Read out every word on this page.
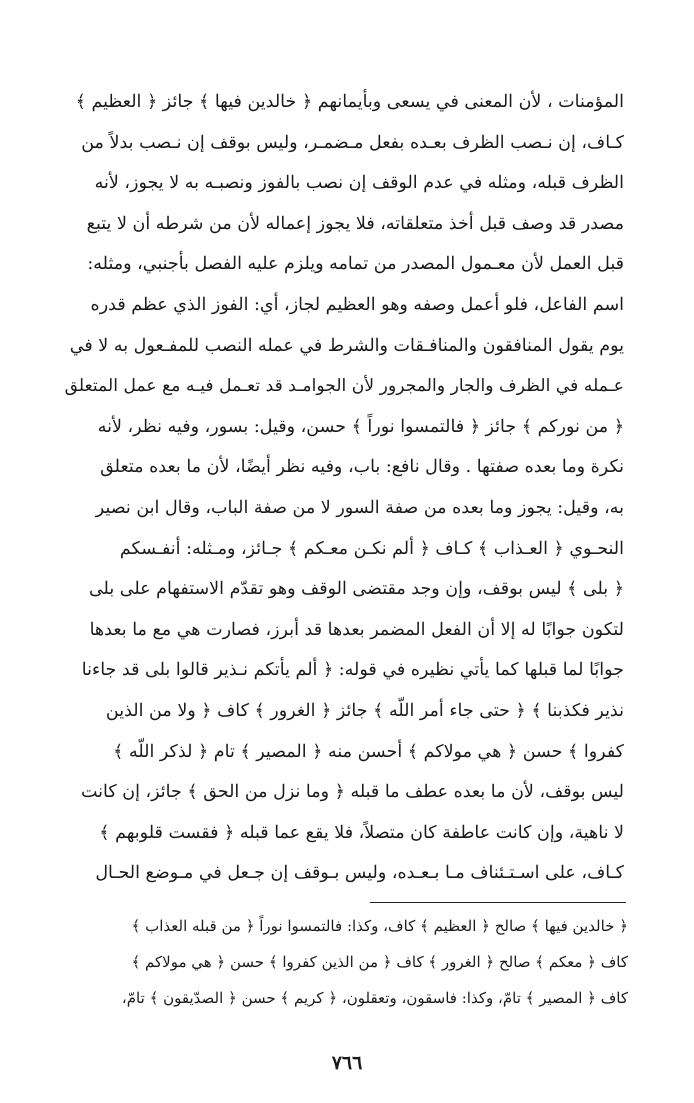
المؤمنات ، لأن المعنى في يسعى وبأيمانهم ﴿ خالدين فيها ﴾ جائز ﴿ العظيم ﴾
كـاف، إن نـصب الظرف بعـده بفعل مـضمـر، وليس بوقف إن نـصب بدلاً من
الظرف قبله، ومثله في عدم الوقف إن نصب بالفوز ونصبـه به لا يجوز، لأنه
مصدر قد وصف قبل أخذ متعلقاته، فلا يجوز إعماله لأن من شرطه أن لا يتبع
قبل العمل لأن معـمول المصدر من تمامه ويلزم عليه الفصل بأجنبي، ومثله:
اسم الفاعل، فلو أعمل وصفه وهو العظيم لجاز، أي: الفوز الذي عظم قدره
يوم يقول المنافقون والمنافـقات والشرط في عمله النصب للمفـعول به لا في
عـمله في الظرف والجار والمجرور لأن الجوامـد قد تعـمل فيـه مع عمل المتعلق
﴿ من نوركم ﴾ جائز ﴿ فالتمسوا نوراً ﴾ حسن، وقيل: بسور، وفيه نظر، لأنه
نكرة وما بعده صفتها . وقال نافع: باب، وفيه نظر أيضًا، لأن ما بعده متعلق
به، وقيل: يجوز وما بعده من صفة السور لا من صفة الباب، وقال ابن نصير
النحـوي ﴿ العـذاب ﴾ كـاف ﴿ ألم نكـن معـكم ﴾ جـائز، ومـثله: أنفـسكم
﴿ بلى ﴾ ليس بوقف، وإن وجد مقتضى الوقف وهو تقدّم الاستفهام على بلى
لتكون جوابًا له إلا أن الفعل المضمر بعدها قد أبرز، فصارت هي مع ما بعدها
جوابًا لما قبلها كما يأتي نظيره في قوله: ﴿ ألم يأتكم نـذير قالوا بلى قد جاءنا
نذير فكذبنا ﴾ ﴿ حتى جاء أمر اللّه ﴾ جائز ﴿ الغرور ﴾ كاف ﴿ ولا من الذين
كفروا ﴾ حسن ﴿ هي مولاكم ﴾ أحسن منه ﴿ المصير ﴾ تام ﴿ لذكر اللّه ﴾
ليس بوقف، لأن ما بعده عطف ما قبله ﴿ وما نزل من الحق ﴾ جائز، إن كانت
لا ناهية، وإن كانت عاطفة كان متصلاً، فلا يقع عما قبله ﴿ فقست قلوبهم ﴾
كـاف، على اسـتـئناف مـا بـعـده، وليس بـوقف إن جـعل في مـوضع الحـال
﴿ خالدين فيها ﴾ صالح ﴿ العظيم ﴾ كاف، وكذا: فالتمسوا نوراً ﴿ من قبله العذاب ﴾
كاف ﴿ معكم ﴾ صالح ﴿ الغرور ﴾ كاف ﴿ من الذين كفروا ﴾ حسن ﴿ هي مولاكم ﴾
كاف ﴿ المصير ﴾ تامّ، وكذا: فاسقون، وتعقلون، ﴿ كريم ﴾ حسن ﴿ الصدّيقون ﴾ تامّ،
٧٦٦
